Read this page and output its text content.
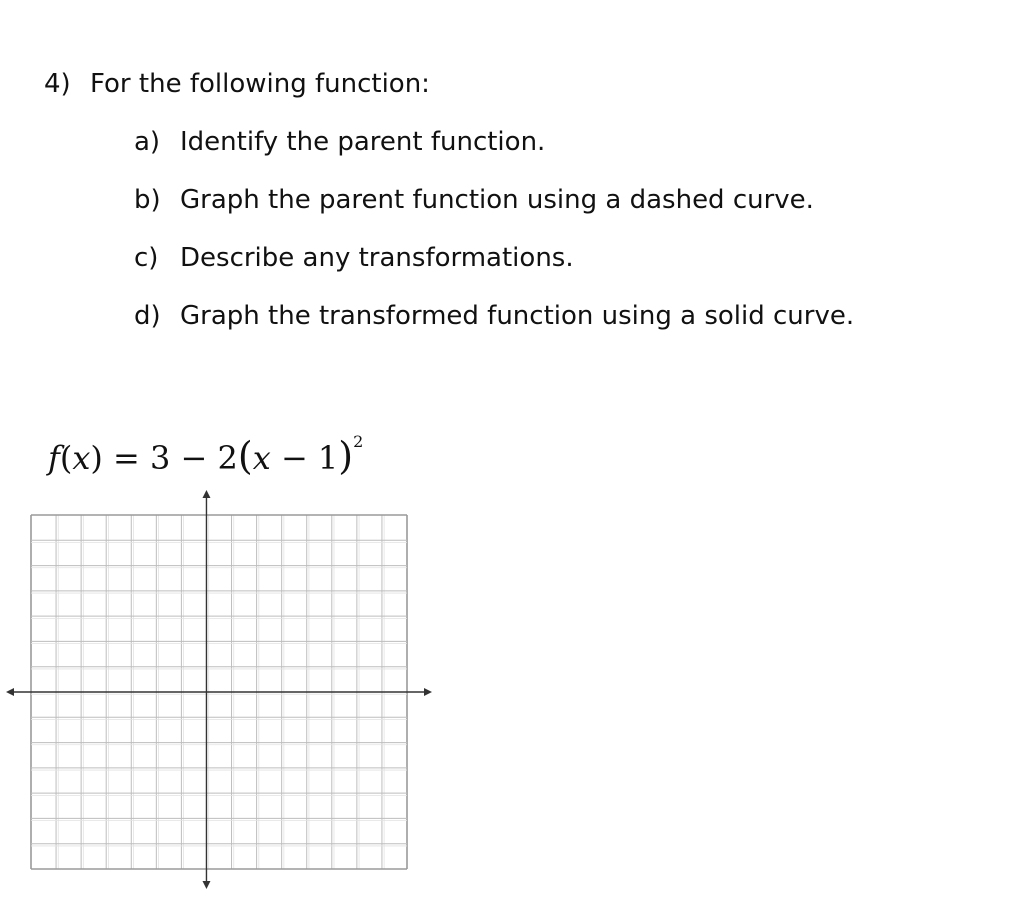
4) For the following function:
a) Identify the parent function.
b) Graph the parent function using a dashed curve.
c) Describe any transformations.
d) Graph the transformed function using a solid curve.
$f(x) = 3 - 2(x - 1)^2$
